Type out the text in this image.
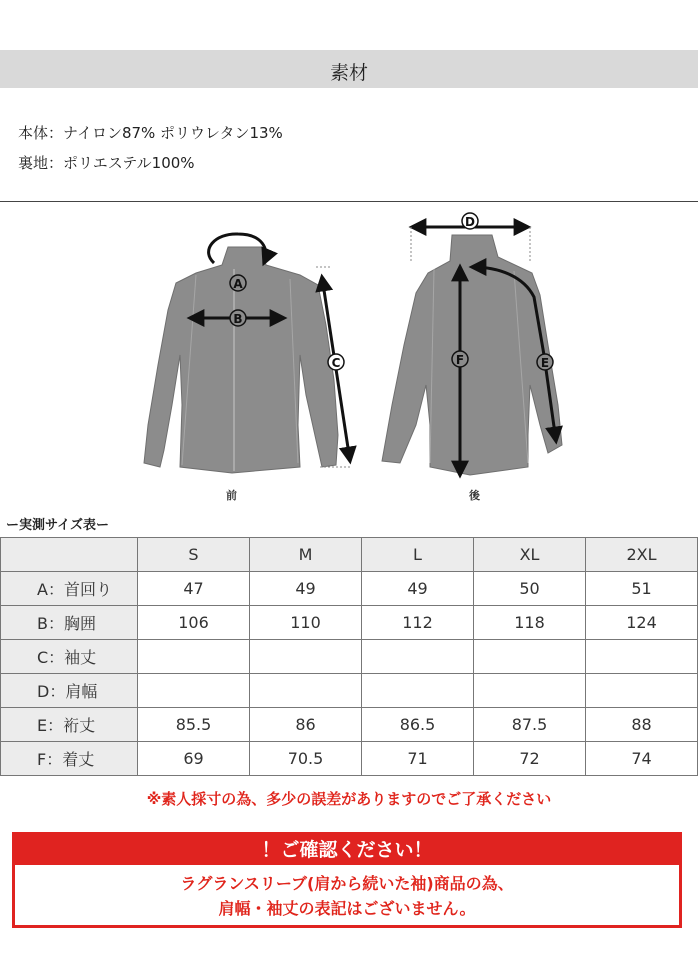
素材
本体：ナイロン87% ポリウレタン13%
裏地：ポリエステル100%
A
B
C
D
F	E
前	後
ー実測サイズ表ー
	S	M	L	XL	2XL
A：首回り	47	49	49	50	51
B：胸囲	106	110	112	118	124
C：袖丈					
D：肩幅					
E：裄丈	85.5	86	86.5	87.5	88
F：着丈	69	70.5	71	72	74
※素人採寸の為、多少の誤差がありますのでご了承ください
！ご確認ください！
ラグランスリーブ(肩から続いた袖)商品の為、
肩幅・袖丈の表記はございません。
